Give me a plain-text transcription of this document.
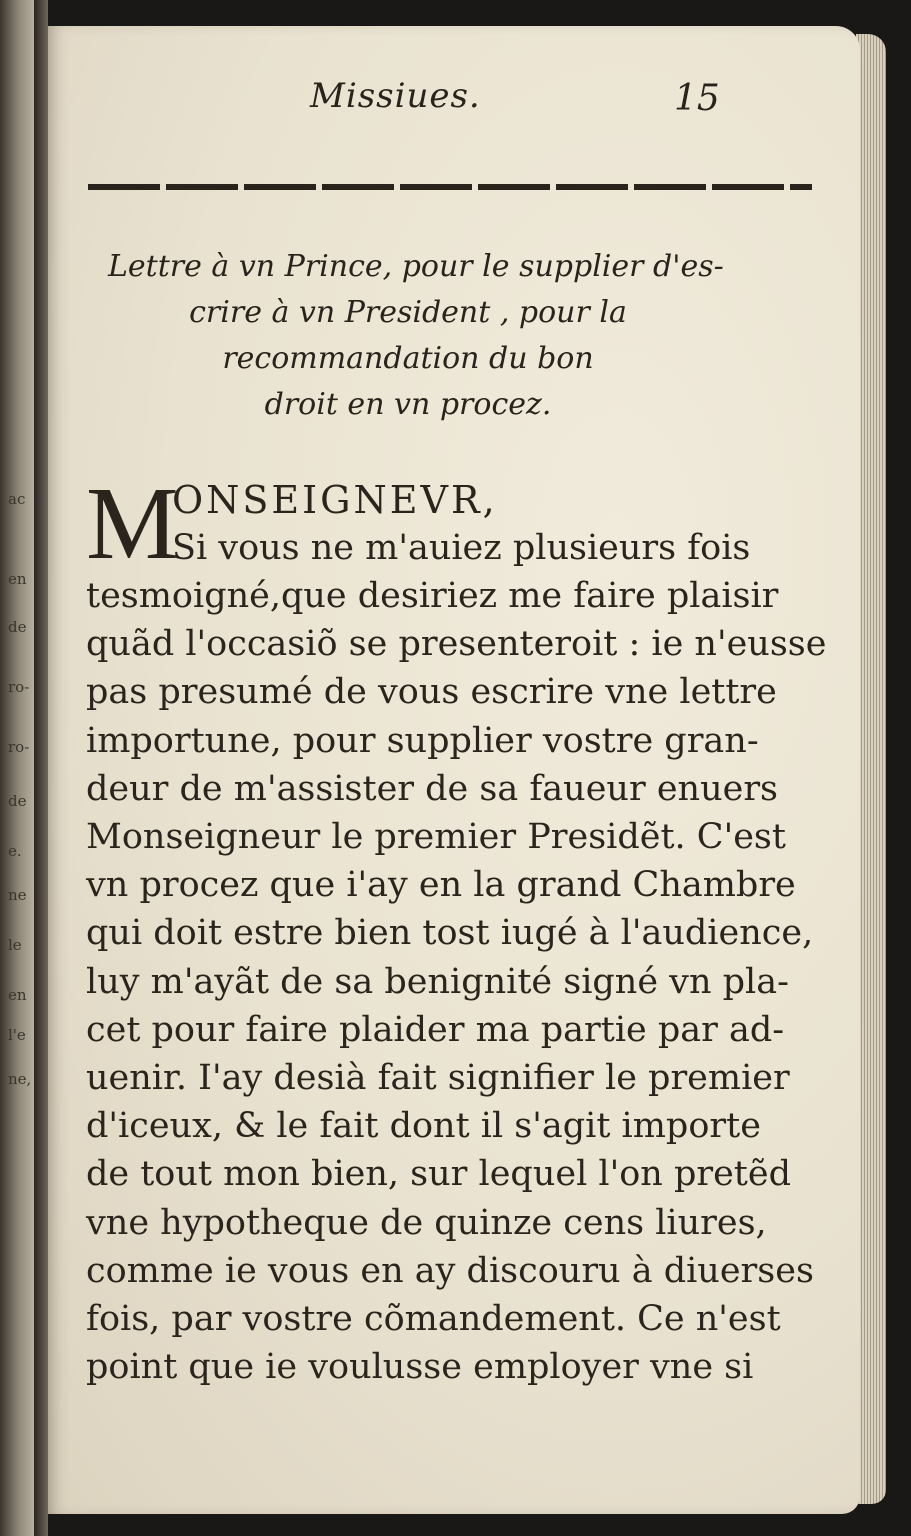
ac
en
de
ro-
ro-
de
e.
ne
le
en
l'e
ne,
Missiues.	15
Lettre à vn Prince, pour le supplier d'es-
crire à vn President , pour la
recommandation du bon
droit en vn procez.
M
ONSEIGNEVR,
Si vous ne m'auiez plusieurs fois
tesmoigné,que desiriez me faire plaisir
quãd l'occasiõ se presenteroit : ie n'eusse
pas presumé de vous escrire vne lettre
importune, pour supplier vostre gran-
deur de m'assister de sa faueur enuers
Monseigneur le premier Presidẽt. C'est
vn procez que i'ay en la grand Chambre
qui doit estre bien tost iugé à l'audience,
luy m'ayãt de sa benignité signé vn pla-
cet pour faire plaider ma partie par ad-
uenir. I'ay desià fait signifier le premier
d'iceux, & le fait dont il s'agit importe
de tout mon bien, sur lequel l'on pretẽd
vne hypotheque de quinze cens liures,
comme ie vous en ay discouru à diuerses
fois, par vostre cõmandement. Ce n'est
point que ie voulusse employer vne si
